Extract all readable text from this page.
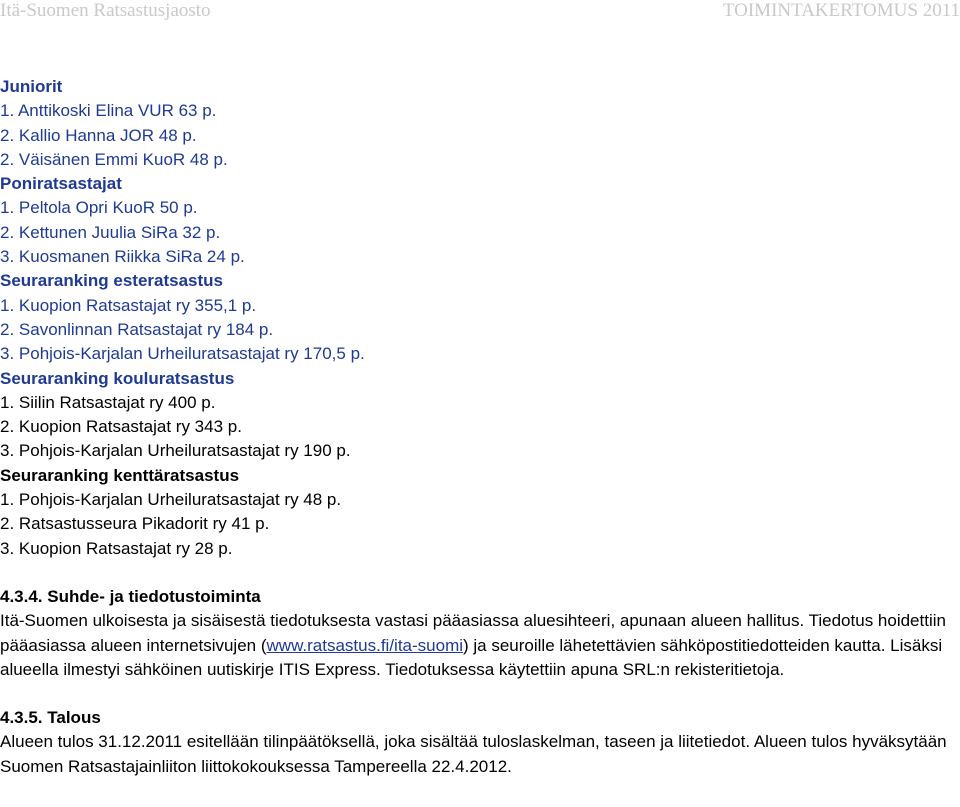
Itä-Suomen Ratsastusjaosto	TOIMINTAKERTOMUS 2011
Juniorit
1. Anttikoski Elina VUR 63 p.
2. Kallio Hanna JOR 48 p.
2. Väisänen Emmi KuoR 48 p.
Poniratsastajat
1. Peltola Opri KuoR 50 p.
2. Kettunen Juulia SiRa 32 p.
3. Kuosmanen Riikka SiRa 24 p.
Seuraranking esteratsastus
1. Kuopion Ratsastajat ry 355,1 p.
2. Savonlinnan Ratsastajat ry 184 p.
3. Pohjois-Karjalan Urheiluratsastajat ry 170,5 p.
Seuraranking kouluratsastus
1. Siilin Ratsastajat ry 400 p.
2. Kuopion Ratsastajat ry 343 p.
3. Pohjois-Karjalan Urheiluratsastajat ry 190 p.
Seuraranking kenttäratsastus
1. Pohjois-Karjalan Urheiluratsastajat ry 48 p.
2. Ratsastusseura Pikadorit ry 41 p.
3. Kuopion Ratsastajat ry 28 p.
4.3.4. Suhde- ja tiedotustoiminta
Itä-Suomen ulkoisesta ja sisäisestä tiedotuksesta vastasi pääasiassa aluesihteeri, apunaan alueen hallitus. Tiedotus hoidettiin pääasiassa alueen internetsivujen (www.ratsastus.fi/ita-suomi) ja seuroille lähetettävien sähköpostitiedotteiden kautta. Lisäksi alueella ilmestyi sähköinen uutiskirje ITIS Express. Tiedotuksessa käytettiin apuna SRL:n rekisteritietoja.
4.3.5. Talous
Alueen tulos 31.12.2011 esitellään tilinpäätöksellä, joka sisältää tuloslaskelman, taseen ja liitetiedot. Alueen tulos hyväksytään Suomen Ratsastajainliiton liittokokouksessa Tampereella 22.4.2012.
